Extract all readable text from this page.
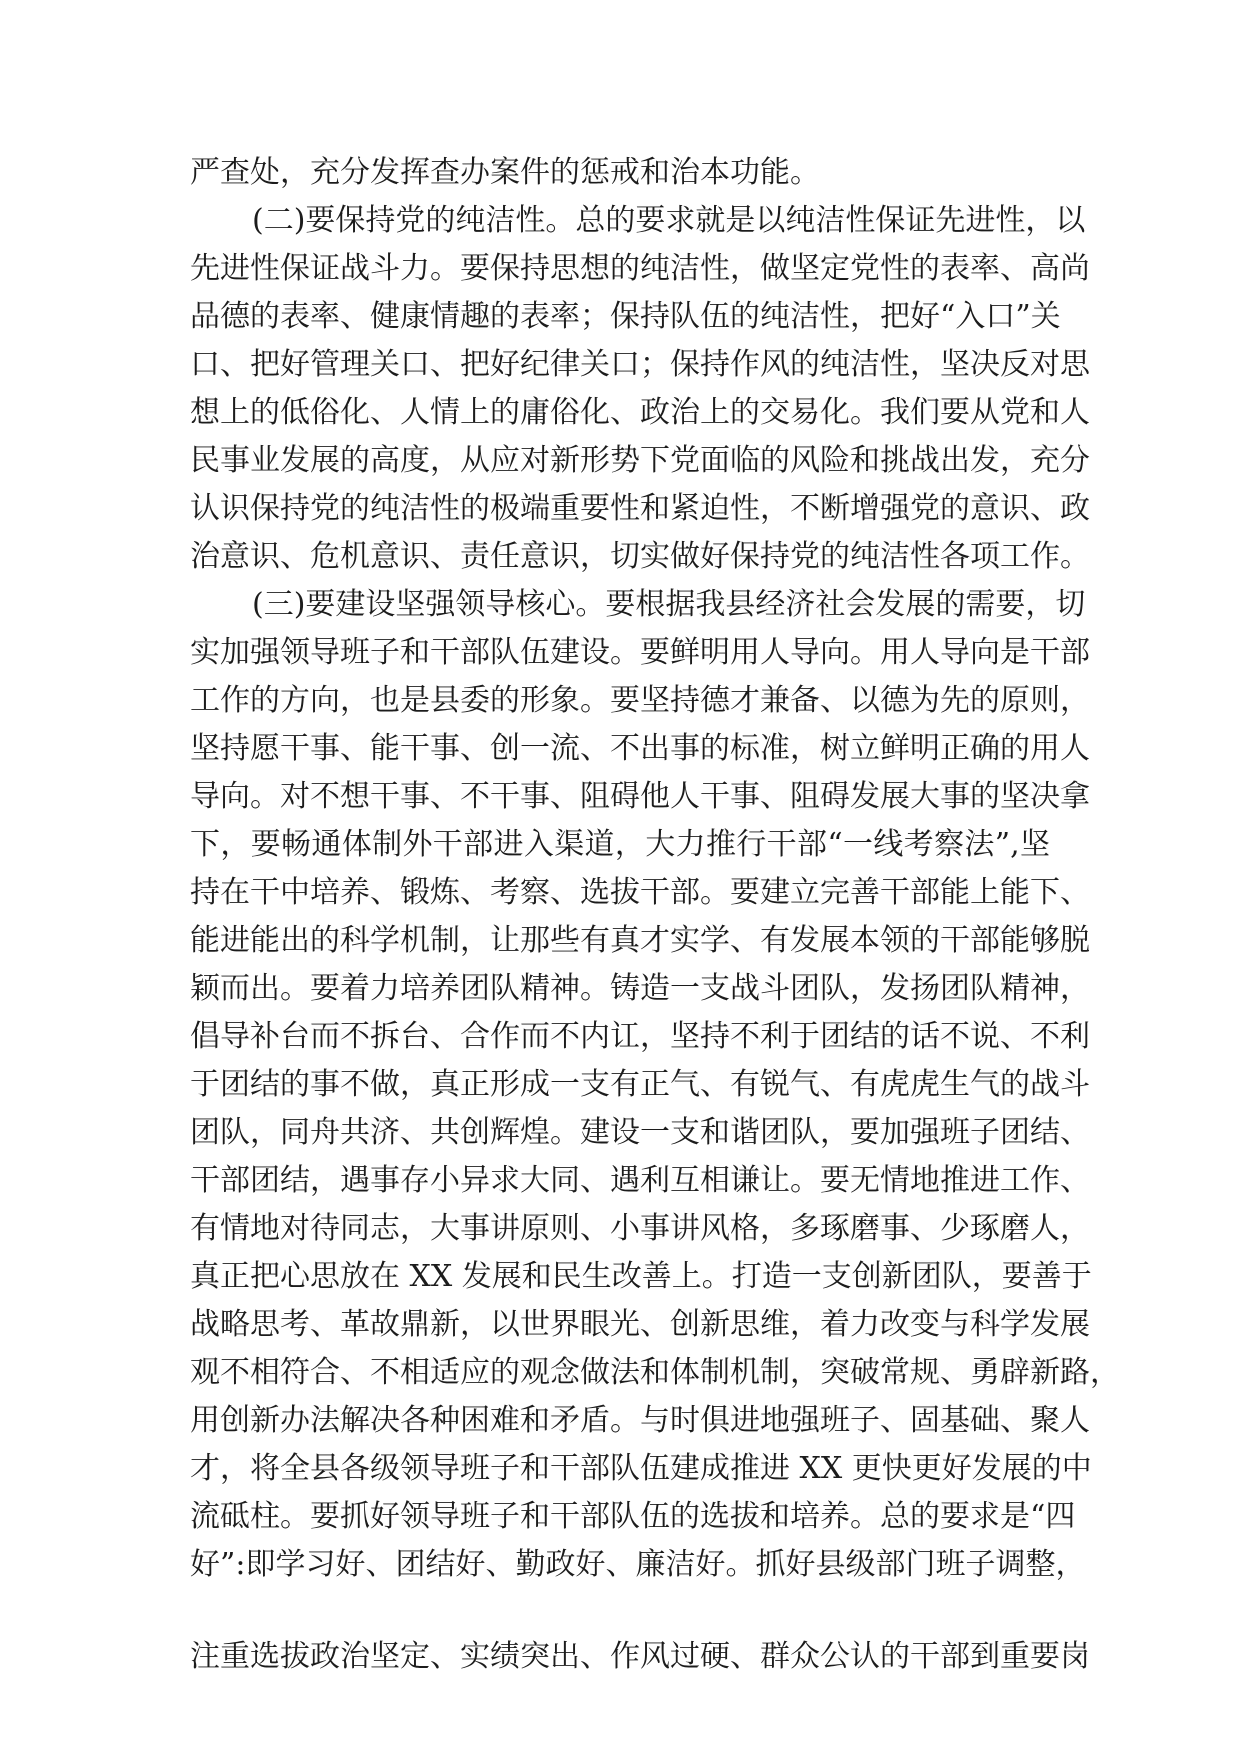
严查处，充分发挥查办案件的惩戒和治本功能。
(二)要保持党的纯洁性。总的要求就是以纯洁性保证先进性，以
先进性保证战斗力。要保持思想的纯洁性，做坚定党性的表率、高尚
品德的表率、健康情趣的表率；保持队伍的纯洁性，把好“入口”关
口、把好管理关口、把好纪律关口；保持作风的纯洁性，坚决反对思
想上的低俗化、人情上的庸俗化、政治上的交易化。我们要从党和人
民事业发展的高度，从应对新形势下党面临的风险和挑战出发，充分
认识保持党的纯洁性的极端重要性和紧迫性，不断增强党的意识、政
治意识、危机意识、责任意识，切实做好保持党的纯洁性各项工作。
(三)要建设坚强领导核心。要根据我县经济社会发展的需要，切
实加强领导班子和干部队伍建设。要鲜明用人导向。用人导向是干部
工作的方向，也是县委的形象。要坚持德才兼备、以德为先的原则，
坚持愿干事、能干事、创一流、不出事的标准，树立鲜明正确的用人
导向。对不想干事、不干事、阻碍他人干事、阻碍发展大事的坚决拿
下，要畅通体制外干部进入渠道，大力推行干部“一线考察法”,坚
持在干中培养、锻炼、考察、选拔干部。要建立完善干部能上能下、
能进能出的科学机制，让那些有真才实学、有发展本领的干部能够脱
颖而出。要着力培养团队精神。铸造一支战斗团队，发扬团队精神，
倡导补台而不拆台、合作而不内讧，坚持不利于团结的话不说、不利
于团结的事不做，真正形成一支有正气、有锐气、有虎虎生气的战斗
团队，同舟共济、共创辉煌。建设一支和谐团队，要加强班子团结、
干部团结，遇事存小异求大同、遇利互相谦让。要无情地推进工作、
有情地对待同志，大事讲原则、小事讲风格，多琢磨事、少琢磨人，
真正把心思放在 XX 发展和民生改善上。打造一支创新团队，要善于
战略思考、革故鼎新，以世界眼光、创新思维，着力改变与科学发展
观不相符合、不相适应的观念做法和体制机制，突破常规、勇辟新路，
用创新办法解决各种困难和矛盾。与时俱进地强班子、固基础、聚人
才，将全县各级领导班子和干部队伍建成推进 XX 更快更好发展的中
流砥柱。要抓好领导班子和干部队伍的选拔和培养。总的要求是“四
好”:即学习好、团结好、勤政好、廉洁好。抓好县级部门班子调整，
注重选拔政治坚定、实绩突出、作风过硬、群众公认的干部到重要岗
